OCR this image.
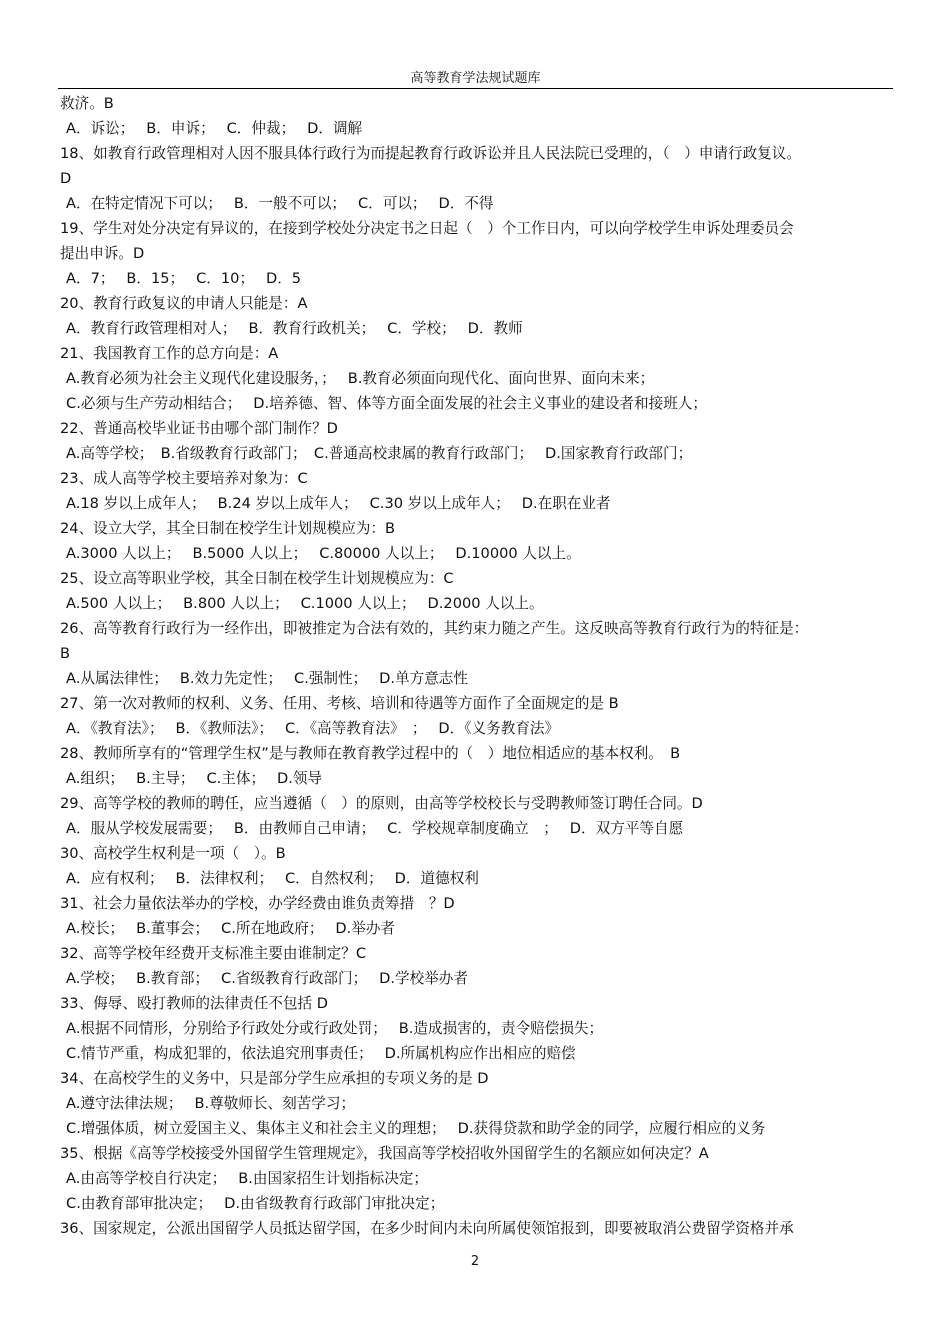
高等教育学法规试题库
救济。B
A．诉讼；　 B．申诉；　 C．仲裁；　 D．调解
18、如教育行政管理相对人因不服具体行政行为而提起教育行政诉讼并且人民法院已受理的，（　）申请行政复议。
D
A．在特定情况下可以；　 B．一般不可以；　 C．可以；　 D．不得
19、学生对处分决定有异议的，在接到学校处分决定书之日起（　）个工作日内，可以向学校学生申诉处理委员会
提出申诉。D
A．7；　 B．15；　 C．10；　 D．5
20、教育行政复议的申请人只能是：A
A．教育行政管理相对人；　 B．教育行政机关；　 C．学校；　 D．教师
21、我国教育工作的总方向是：A
A.教育必须为社会主义现代化建设服务，；　 B.教育必须面向现代化、面向世界、面向未来；
C.必须与生产劳动相结合；　 D.培养德、智、体等方面全面发展的社会主义事业的建设者和接班人；
22、普通高校毕业证书由哪个部门制作？D
A.高等学校；　B.省级教育行政部门；　C.普通高校隶属的教育行政部门；　 D.国家教育行政部门；
23、成人高等学校主要培养对象为：C
A.18 岁以上成年人；　 B.24 岁以上成年人；　 C.30 岁以上成年人；　 D.在职在业者
24、设立大学，其全日制在校学生计划规模应为：B
A.3000 人以上；　 B.5000 人以上；　 C.80000 人以上；　 D.10000 人以上。
25、设立高等职业学校，其全日制在校学生计划规模应为：C
A.500 人以上；　 B.800 人以上；　 C.1000 人以上；　 D.2000 人以上。
26、高等教育行政行为一经作出，即被推定为合法有效的，其约束力随之产生。这反映高等教育行政行为的特征是：
B
A.从属法律性；　 B.效力先定性；　 C.强制性；　 D.单方意志性
27、第一次对教师的权利、义务、任用、考核、培训和待遇等方面作了全面规定的是 B
A．《教育法》；　 B．《教师法》；　 C．《高等教育法》　；　 D．《义务教育法》
28、教师所享有的“管理学生权”是与教师在教育教学过程中的（　）地位相适应的基本权利。　B
A.组织；　 B.主导；　 C.主体；　 D.领导
29、高等学校的教师的聘任，应当遵循（　）的原则，由高等学校校长与受聘教师签订聘任合同。D
A．服从学校发展需要；　 B．由教师自己申请；　 C．学校规章制度确立　；　 D．双方平等自愿
30、高校学生权利是一项（　）。B
A．应有权利；　 B．法律权利；　 C．自然权利；　 D．道德权利
31、社会力量依法举办的学校，办学经费由谁负责筹措　？D
A.校长；　 B.董事会；　 C.所在地政府；　 D.举办者
32、高等学校年经费开支标准主要由谁制定？C
A.学校；　 B.教育部；　 C.省级教育行政部门；　 D.学校举办者
33、侮辱、殴打教师的法律责任不包括 D
A.根据不同情形，分别给予行政处分或行政处罚；　 B.造成损害的，责令赔偿损失；
C.情节严重，构成犯罪的，依法追究刑事责任；　 D.所属机构应作出相应的赔偿
34、在高校学生的义务中，只是部分学生应承担的专项义务的是 D
A.遵守法律法规；　 B.尊敬师长、刻苦学习；
C.增强体质，树立爱国主义、集体主义和社会主义的理想；　 D.获得贷款和助学金的同学，应履行相应的义务
35、根据《高等学校接受外国留学生管理规定》，我国高等学校招收外国留学生的名额应如何决定？A
A.由高等学校自行决定；　 B.由国家招生计划指标决定；
C.由教育部审批决定；　 D.由省级教育行政部门审批决定；
36、国家规定，公派出国留学人员抵达留学国，在多少时间内未向所属使领馆报到，即要被取消公费留学资格并承
2
